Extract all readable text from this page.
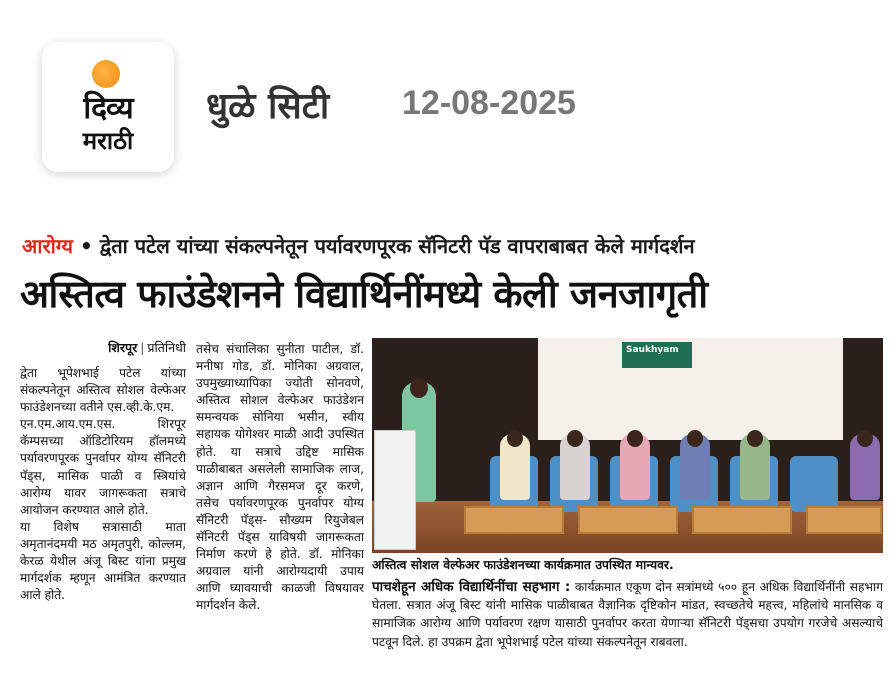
दिव्य
मराठी
धुळे सिटी 12-08-2025
आरोग्य • द्वेता पटेल यांच्या संकल्पनेतून पर्यावरणपूरक सॅनिटरी पॅड वापराबाबत केले मार्गदर्शन
अस्तित्व फाउंडेशनने विद्यार्थिनींमध्ये केली जनजागृती
शिरपूर | प्रतिनिधी

द्वेता भूपेशभाई पटेल यांच्या संकल्पनेतून अस्तित्व सोशल वेल्फेअर फाउंडेशनच्या वतीने एस.व्ही.के.एम.

एन.एम.आय.एम.एस. शिरपूर कॅम्पसच्या ऑडिटोरियम हॉलमध्ये पर्यावरणपूरक पुनर्वापर योग्य सॅनिटरी पॅड्स, मासिक पाळी व स्त्रियांचे आरोग्य यावर जागरूकता सत्राचे आयोजन करण्यात आले होते.

या विशेष सत्रासाठी माता अमृतानंदमयी मठ अमृतपुरी, कोल्लम, केरळ येथील अंजू बिस्ट यांना प्रमुख मार्गदर्शक म्हणून आमंत्रित करण्यात आले होते.

तसेच संचालिका सुनीता पाटील, डॉ. मनीषा गोड, डॉ. मोनिका अग्रवाल, उपमुख्याध्यापिका ज्योती सोनवणे, अस्तित्व सोशल वेल्फेअर फाउंडेशन समन्वयक सोनिया भसीन, स्वीय सहायक योगेश्वर माळी आदी उपस्थित होते. या सत्राचे उद्दिष्ट मासिक पाळीबाबत असलेली सामाजिक लाज, अज्ञान आणि गैरसमज दूर करणे, तसेच पर्यावरणपूरक पुनर्वापर योग्य सॅनिटरी पॅड्स- सौख्यम रियुजेबल सॅनिटरी पॅड्स याविषयी जागरूकता निर्माण करणे हे होते. डॉ. मोनिका अग्रवाल यांनी आरोग्यदायी उपाय आणि घ्यावयाची काळजी विषयावर मार्गदर्शन केले.

Saukhyam
अस्तित्व सोशल वेल्फेअर फाउंडेशनच्या कार्यक्रमात उपस्थित मान्यवर.
पाचशेहून अधिक विद्यार्थिनींचा सहभाग : कार्यक्रमात एकूण दोन सत्रांमध्ये ५०० हून अधिक विद्यार्थिनींनी सहभाग घेतला. सत्रात अंजू बिस्ट यांनी मासिक पाळीबाबत वैज्ञानिक दृष्टिकोन मांडत, स्वच्छतेचे महत्त्व, महिलांचे मानसिक व सामाजिक आरोग्य आणि पर्यावरण रक्षण यासाठी पुनर्वापर करता येणाऱ्या सॅनिटरी पॅड्सचा उपयोग गरजेचे असल्याचे पटवून दिले. हा उपक्रम द्वेता भूपेशभाई पटेल यांच्या संकल्पनेतून राबवला.
